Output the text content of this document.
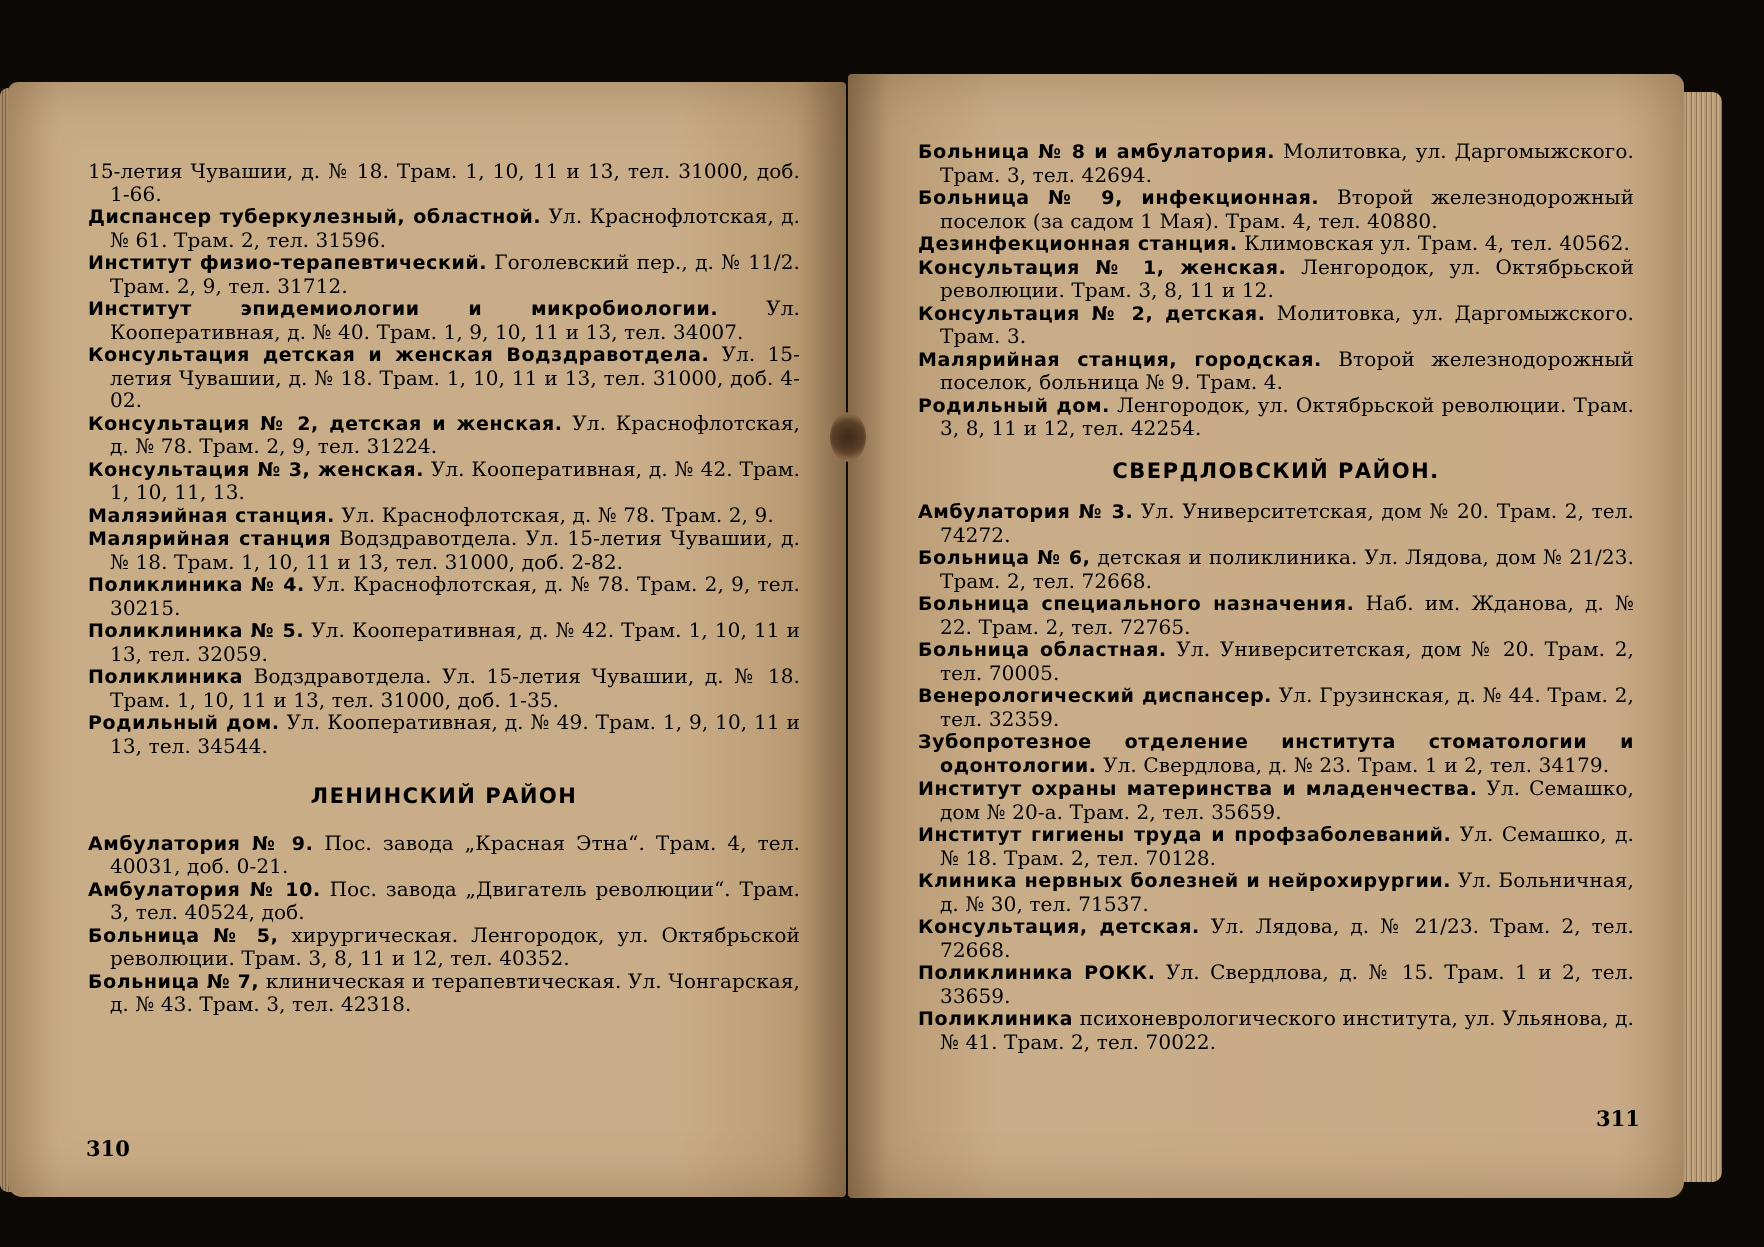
15-летия Чувашии, д. № 18. Трам. 1, 10, 11 и 13, тел. 31000, доб. 1-66.

Диспансер туберкулезный, областной. Ул. Краснофлотская, д. № 61. Трам. 2, тел. 31596.

Институт физио-терапевтический. Гоголевский пер., д. № 11/2. Трам. 2, 9, тел. 31712.

Институт эпидемиологии и микробиологии. Ул. Кооперативная, д. № 40. Трам. 1, 9, 10, 11 и 13, тел. 34007.

Консультация детская и женская Водздравотдела. Ул. 15-летия Чувашии, д. № 18. Трам. 1, 10, 11 и 13, тел. 31000, доб. 4-02.

Консультация № 2, детская и женская. Ул. Краснофлотская, д. № 78. Трам. 2, 9, тел. 31224.

Консультация № 3, женская. Ул. Кооперативная, д. № 42. Трам. 1, 10, 11, 13.

Маляэийная станция. Ул. Краснофлотская, д. № 78. Трам. 2, 9.

Малярийная станция Водздравотдела. Ул. 15-летия Чувашии, д. № 18. Трам. 1, 10, 11 и 13, тел. 31000, доб. 2-82.

Поликлиника № 4. Ул. Краснофлотская, д. № 78. Трам. 2, 9, тел. 30215.

Поликлиника № 5. Ул. Кооперативная, д. № 42. Трам. 1, 10, 11 и 13, тел. 32059.

Поликлиника Водздравотдела. Ул. 15-летия Чувашии, д. № 18. Трам. 1, 10, 11 и 13, тел. 31000, доб. 1-35.

Родильный дом. Ул. Кооперативная, д. № 49. Трам. 1, 9, 10, 11 и 13, тел. 34544.

ЛЕНИНСКИЙ РАЙОН

Амбулатория № 9. Пос. завода „Красная Этна“. Трам. 4, тел. 40031, доб. 0-21.

Амбулатория № 10. Пос. завода „Двигатель революции“. Трам. 3, тел. 40524, доб.

Больница № 5, хирургическая. Ленгородок, ул. Октябрьской революции. Трам. 3, 8, 11 и 12, тел. 40352.

Больница № 7, клиническая и терапевтическая. Ул. Чонгарская, д. № 43. Трам. 3, тел. 42318.

Больница № 8 и амбулатория. Молитовка, ул. Даргомыжского. Трам. 3, тел. 42694.

Больница № 9, инфекционная. Второй железнодорожный поселок (за садом 1 Мая). Трам. 4, тел. 40880.

Дезинфекционная станция. Климовская ул. Трам. 4, тел. 40562.

Консультация № 1, женская. Ленгородок, ул. Октябрьской революции. Трам. 3, 8, 11 и 12.

Консультация № 2, детская. Молитовка, ул. Даргомыжского. Трам. 3.

Малярийная станция, городская. Второй железнодорожный поселок, больница № 9. Трам. 4.

Родильный дом. Ленгородок, ул. Октябрьской революции. Трам. 3, 8, 11 и 12, тел. 42254.

СВЕРДЛОВСКИЙ РАЙОН.

Амбулатория № 3. Ул. Университетская, дом № 20. Трам. 2, тел. 74272.

Больница № 6, детская и поликлиника. Ул. Лядова, дом № 21/23. Трам. 2, тел. 72668.

Больница специального назначения. Наб. им. Жданова, д. № 22. Трам. 2, тел. 72765.

Больница областная. Ул. Университетская, дом № 20. Трам. 2, тел. 70005.

Венерологический диспансер. Ул. Грузинская, д. № 44. Трам. 2, тел. 32359.

Зубопротезное отделение института стоматологии и одонтологии. Ул. Свердлова, д. № 23. Трам. 1 и 2, тел. 34179.

Институт охраны материнства и младенчества. Ул. Семашко, дом № 20-а. Трам. 2, тел. 35659.

Институт гигиены труда и профзаболеваний. Ул. Семашко, д. № 18. Трам. 2, тел. 70128.

Клиника нервных болезней и нейрохирургии. Ул. Больничная, д. № 30, тел. 71537.

Консультация, детская. Ул. Лядова, д. № 21/23. Трам. 2, тел. 72668.

Поликлиника РОКК. Ул. Свердлова, д. № 15. Трам. 1 и 2, тел. 33659.

Поликлиника психоневрологического института, ул. Ульянова, д. № 41. Трам. 2, тел. 70022.

310
311
